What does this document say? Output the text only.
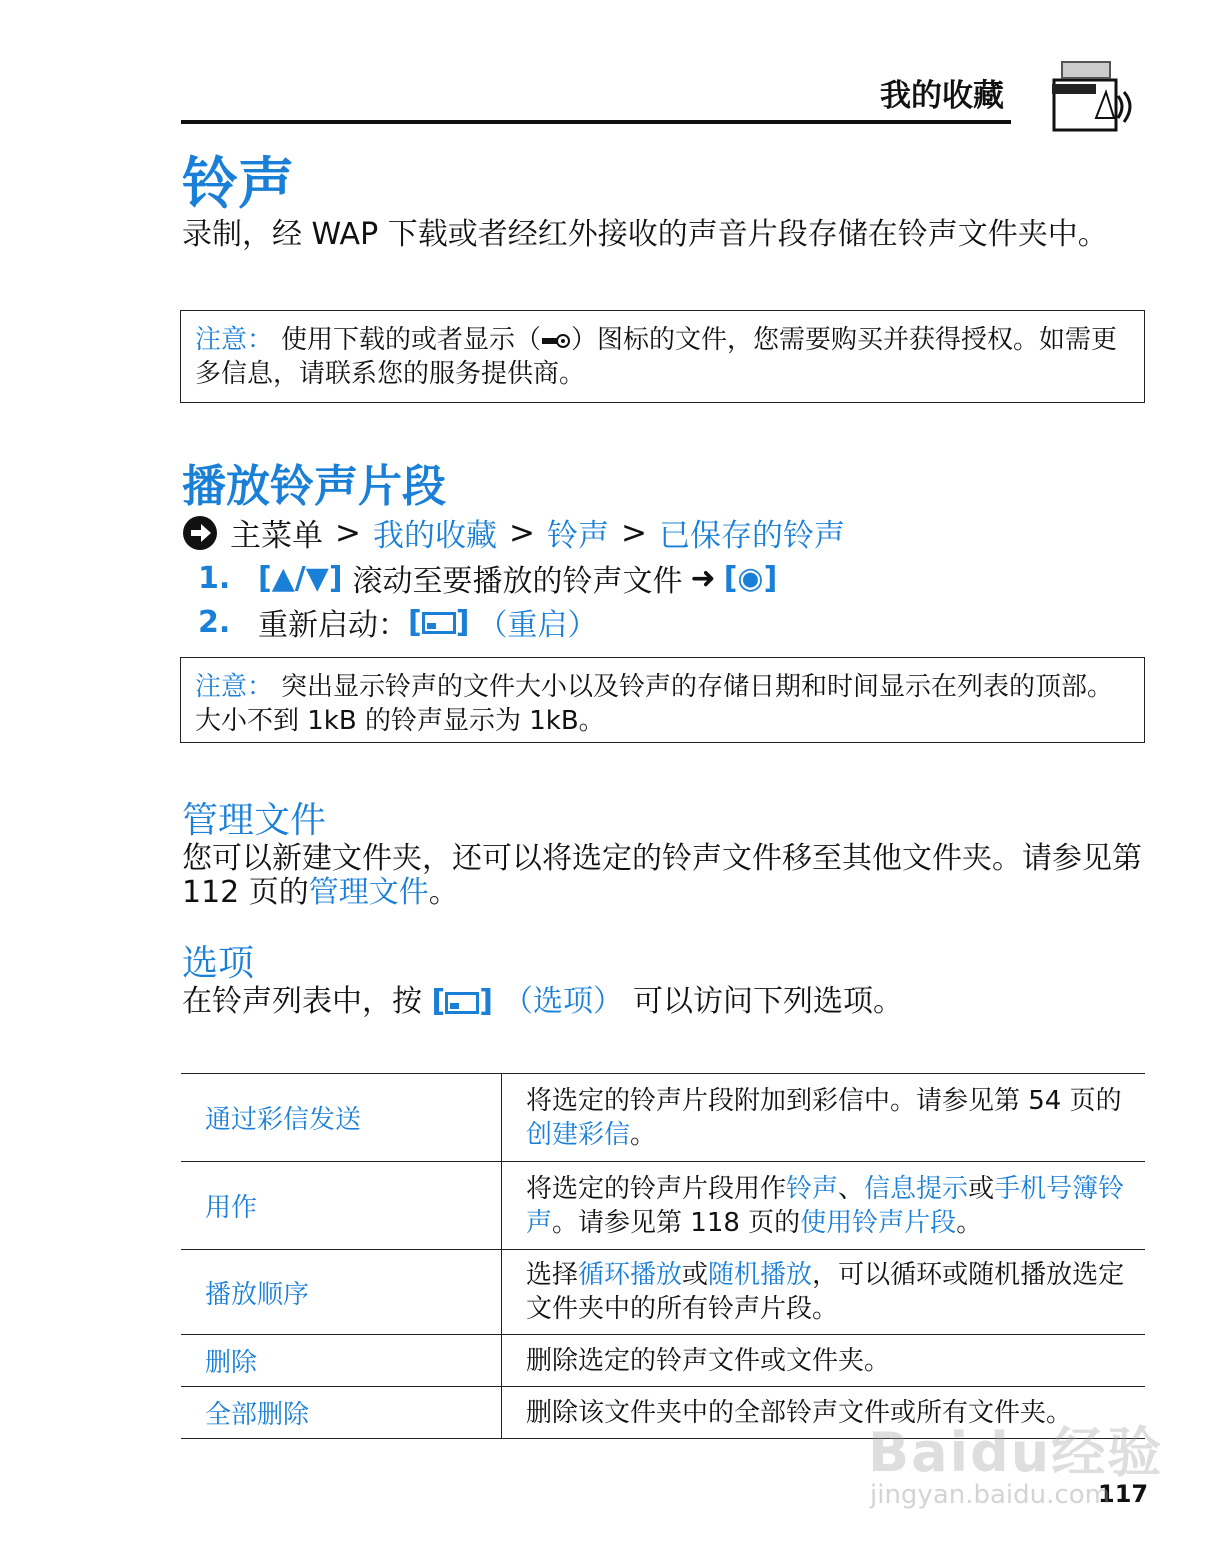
我的收藏
铃声
录制，经 WAP 下载或者经红外接收的声音片段存储在铃声文件夹中。
注意： 使用下载的或者显示（ ）图标的文件，您需要购买并获得授权。如需更多信息，请联系您的服务提供商。
播放铃声片段
主菜单 > 我的收藏 > 铃声 > 已保存的铃声
1. [▲/▼] 滚动至要播放的铃声文件 ➜ [◉]
2. 重新启动： [ ] （重启）
注意： 突出显示铃声的文件大小以及铃声的存储日期和时间显示在列表的顶部。大小不到 1kB 的铃声显示为 1kB。
管理文件
您可以新建文件夹，还可以将选定的铃声文件移至其他文件夹。请参见第 112 页的管理文件。
选项
在铃声列表中，按 [ ] （选项） 可以访问下列选项。
通过彩信发送	将选定的铃声片段附加到彩信中。请参见第 54 页的创建彩信。
用作	将选定的铃声片段用作铃声、信息提示或手机号簿铃声。请参见第 118 页的使用铃声片段。
播放顺序	选择循环播放或随机播放，可以循环或随机播放选定文件夹中的所有铃声片段。
删除	删除选定的铃声文件或文件夹。
全部删除	删除该文件夹中的全部铃声文件或所有文件夹。
117
Baidu经验
jingyan.baidu.com
